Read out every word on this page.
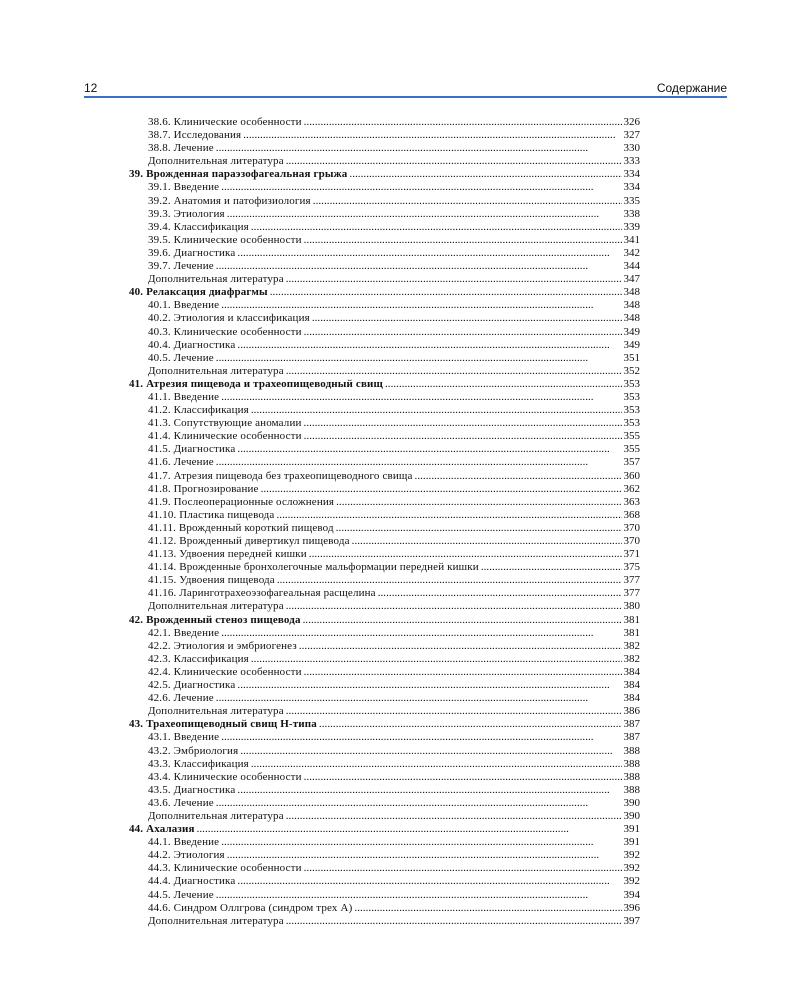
12	Содержание
38.6. Клинические особенности . . .	326
38.7. Исследования . . .	327
38.8. Лечение . . .	330
Дополнительная литература . . .	333
39. Врожденная параэзофагеальная грыжа . . .	334
39.1. Введение . . .	334
39.2. Анатомия и патофизиология . . .	335
39.3. Этиология . . .	338
39.4. Классификация . . .	339
39.5. Клинические особенности . . .	341
39.6. Диагностика . . .	342
39.7. Лечение . . .	344
Дополнительная литература . . .	347
40. Релаксация диафрагмы . . .	348
40.1. Введение . . .	348
40.2. Этиология и классификация . . .	348
40.3. Клинические особенности . . .	349
40.4. Диагностика . . .	349
40.5. Лечение . . .	351
Дополнительная литература . . .	352
41. Атрезия пищевода и трахеопищеводный свищ . . .	353
41.1. Введение . . .	353
41.2. Классификация . . .	353
41.3. Сопутствующие аномалии . . .	353
41.4. Клинические особенности . . .	355
41.5. Диагностика . . .	355
41.6. Лечение . . .	357
41.7. Атрезия пищевода без трахеопищеводного свища . . .	360
41.8. Прогнозирование . . .	362
41.9. Послеоперационные осложнения . . .	363
41.10. Пластика пищевода . . .	368
41.11. Врожденный короткий пищевод . . .	370
41.12. Врожденный дивертикул пищевода . . .	370
41.13. Удвоения передней кишки . . .	371
41.14. Врожденные бронхолегочные мальформации передней кишки . . .	375
41.15. Удвоения пищевода . . .	377
41.16. Ларинготрахеоэзофагеальная расщелина . . .	377
Дополнительная литература . . .	380
42. Врожденный стеноз пищевода . . .	381
42.1. Введение . . .	381
42.2. Этиология и эмбриогенез . . .	382
42.3. Классификация . . .	382
42.4. Клинические особенности . . .	384
42.5. Диагностика . . .	384
42.6. Лечение . . .	384
Дополнительная литература . . .	386
43. Трахеопищеводный свищ Н-типа . . .	387
43.1. Введение . . .	387
43.2. Эмбриология . . .	388
43.3. Классификация . . .	388
43.4. Клинические особенности . . .	388
43.5. Диагностика . . .	388
43.6. Лечение . . .	390
Дополнительная литература . . .	390
44. Ахалазия . . .	391
44.1. Введение . . .	391
44.2. Этиология . . .	392
44.3. Клинические особенности . . .	392
44.4. Диагностика . . .	392
44.5. Лечение . . .	394
44.6. Синдром Оллгрова (синдром трех А) . . .	396
Дополнительная литература . . .	397
